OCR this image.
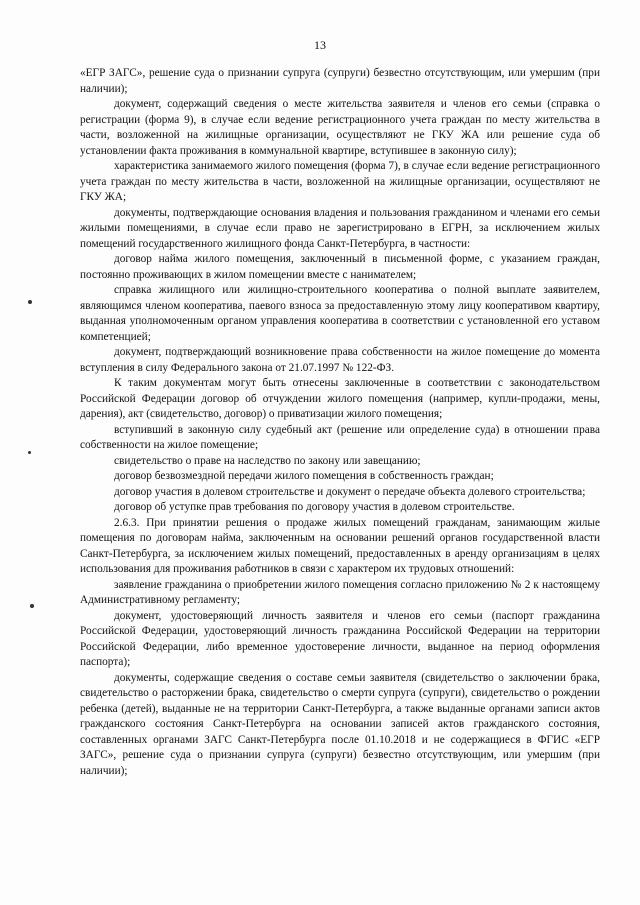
13

«ЕГР ЗАГС», решение суда о признании супруга (супруги) безвестно отсутствующим, или умершим (при наличии);

документ, содержащий сведения о месте жительства заявителя и членов его семьи (справка о регистрации (форма 9), в случае если ведение регистрационного учета граждан по месту жительства в части, возложенной на жилищные организации, осуществляют не ГКУ ЖА или решение суда об установлении факта проживания в коммунальной квартире, вступившее в законную силу);

характеристика занимаемого жилого помещения (форма 7), в случае если ведение регистрационного учета граждан по месту жительства в части, возложенной на жилищные организации, осуществляют не ГКУ ЖА;

документы, подтверждающие основания владения и пользования гражданином и членами его семьи жилыми помещениями, в случае если право не зарегистрировано в ЕГРН, за исключением жилых помещений государственного жилищного фонда Санкт-Петербурга, в частности:

договор найма жилого помещения, заключенный в письменной форме, с указанием граждан, постоянно проживающих в жилом помещении вместе с нанимателем;

справка жилищного или жилищно-строительного кооператива о полной выплате заявителем, являющимся членом кооператива, паевого взноса за предоставленную этому лицу кооперативом квартиру, выданная уполномоченным органом управления кооператива в соответствии с установленной его уставом компетенцией;

документ, подтверждающий возникновение права собственности на жилое помещение до момента вступления в силу Федерального закона от 21.07.1997 № 122-ФЗ.

К таким документам могут быть отнесены заключенные в соответствии с законодательством Российской Федерации договор об отчуждении жилого помещения (например, купли-продажи, мены, дарения), акт (свидетельство, договор) о приватизации жилого помещения;

вступивший в законную силу судебный акт (решение или определение суда) в отношении права собственности на жилое помещение;

свидетельство о праве на наследство по закону или завещанию;

договор безвозмездной передачи жилого помещения в собственность граждан;

договор участия в долевом строительстве и документ о передаче объекта долевого строительства;

договор об уступке прав требования по договору участия в долевом строительстве.

2.6.3. При принятии решения о продаже жилых помещений гражданам, занимающим жилые помещения по договорам найма, заключенным на основании решений органов государственной власти Санкт-Петербурга, за исключением жилых помещений, предоставленных в аренду организациям в целях использования для проживания работников в связи с характером их трудовых отношений:

заявление гражданина о приобретении жилого помещения согласно приложению № 2 к настоящему Административному регламенту;

документ, удостоверяющий личность заявителя и членов его семьи (паспорт гражданина Российской Федерации, удостоверяющий личность гражданина Российской Федерации на территории Российской Федерации, либо временное удостоверение личности, выданное на период оформления паспорта);

документы, содержащие сведения о составе семьи заявителя (свидетельство о заключении брака, свидетельство о расторжении брака, свидетельство о смерти супруга (супруги), свидетельство о рождении ребенка (детей), выданные не на территории Санкт-Петербурга, а также выданные органами записи актов гражданского состояния Санкт-Петербурга на основании записей актов гражданского состояния, составленных органами ЗАГС Санкт-Петербурга после 01.10.2018 и не содержащиеся в ФГИС «ЕГР ЗАГС», решение суда о признании супруга (супруги) безвестно отсутствующим, или умершим (при наличии);
